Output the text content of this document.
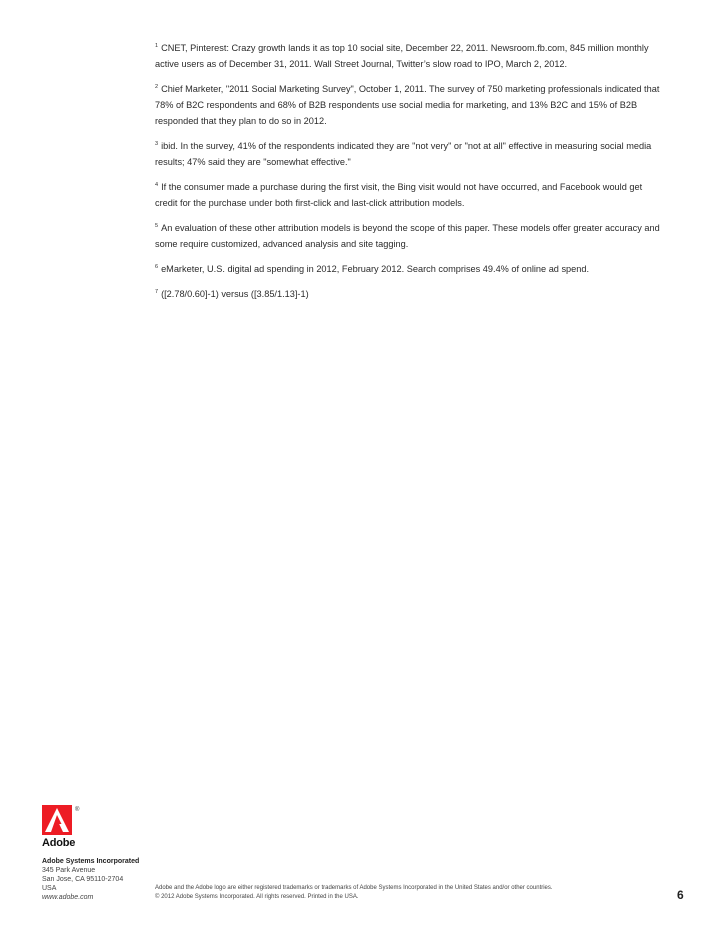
$^1$ CNET, Pinterest: Crazy growth lands it as top 10 social site, December 22, 2011. Newsroom.fb.com, 845 million monthly active users as of December 31, 2011. Wall Street Journal, Twitter’s slow road to IPO, March 2, 2012.

$^2$ Chief Marketer, "2011 Social Marketing Survey", October 1, 2011. The survey of 750 marketing professionals indicated that 78% of B2C respondents and 68% of B2B respondents use social media for marketing, and 13% B2C and 15% of B2B responded that they plan to do so in 2012.

$^3$ ibid. In the survey, 41% of the respondents indicated they are "not very" or "not at all" effective in measuring social media results; 47% said they are "somewhat effective."

$^4$ If the consumer made a purchase during the first visit, the Bing visit would not have occurred, and Facebook would get credit for the purchase under both first-click and last-click attribution models.

$^5$ An evaluation of these other attribution models is beyond the scope of this paper. These models offer greater accuracy and some require customized, advanced analysis and site tagging.

$^6$ eMarketer, U.S. digital ad spending in 2012, February 2012. Search comprises 49.4% of online ad spend.

$^7$ ([2.78/0.60]-1) versus ([3.85/1.13]-1)

®
Adobe
Adobe Systems Incorporated
345 Park Avenue
San Jose, CA 95110-2704
USA
www.adobe.com
Adobe and the Adobe logo are either registered trademarks or trademarks of Adobe Systems Incorporated in the United States and/or other countries.
© 2012 Adobe Systems Incorporated. All rights reserved. Printed in the USA.	6
